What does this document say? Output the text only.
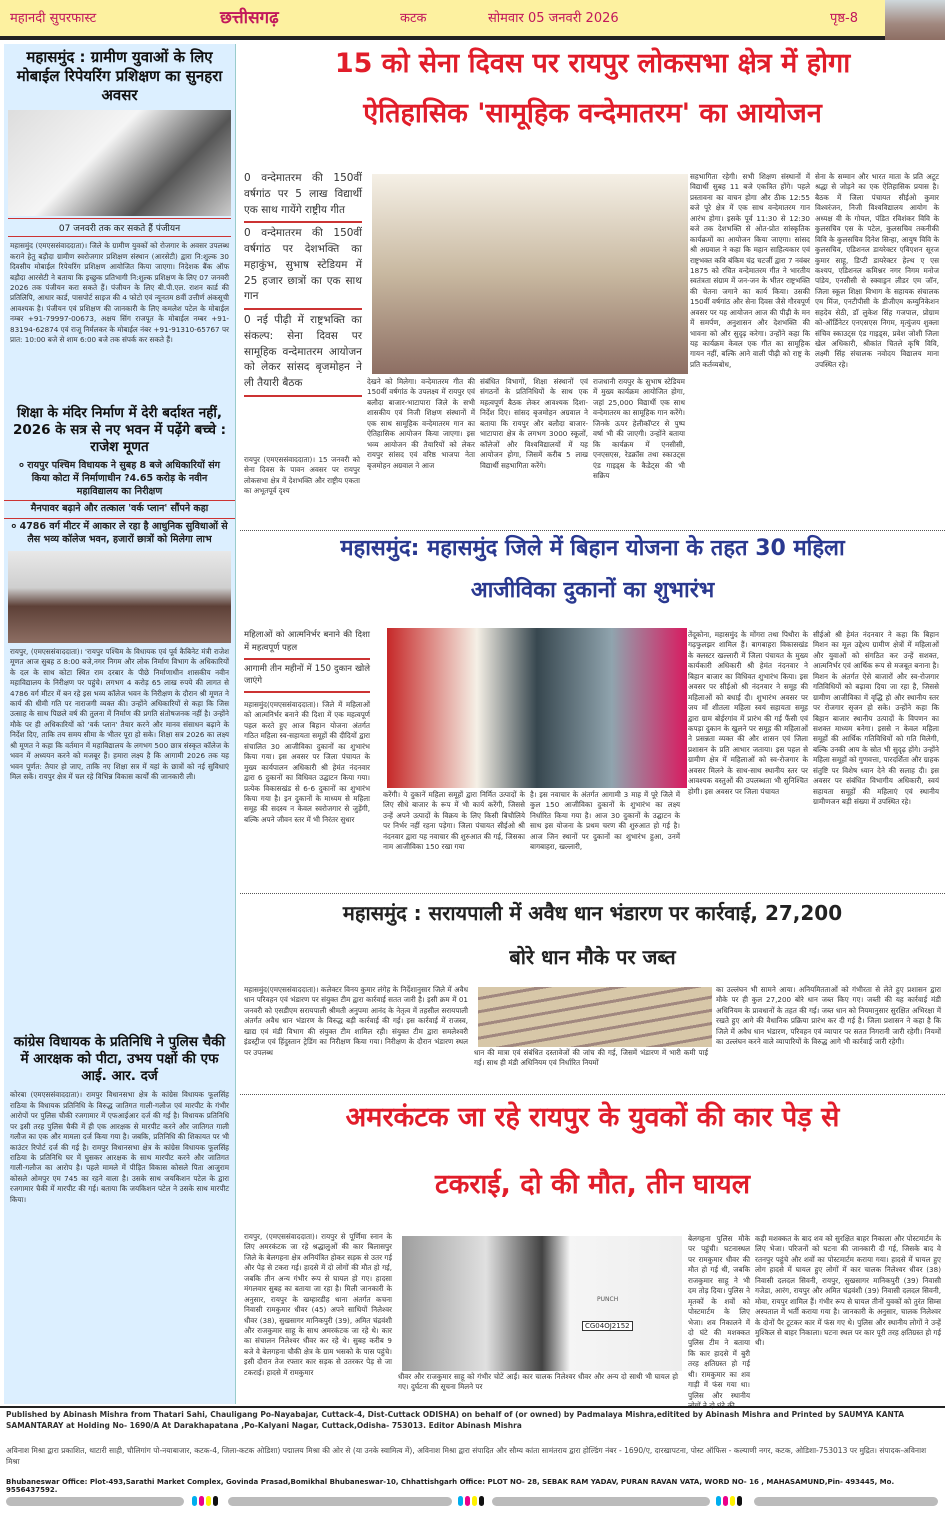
महानदी सुपरफास्ट	छत्तीसगढ़	कटक	सोमवार 05 जनवरी 2026	पृष्ठ-8
महासमुंद : ग्रामीण युवाओं के लिए मोबाईल रिपेयरिंग प्रशिक्षण का सुनहरा अवसर
07 जनवरी तक कर सकते हैं पंजीयन
महासमुंद (एमएससंवाददाता)। जिले के ग्रामीण युवकों को रोजगार के अवसर उपलब्ध कराने हेतु बड़ौदा ग्रामीण स्वरोजगार प्रशिक्षण संस्थान (आरसेटी) द्वारा नि:शुल्क 30 दिवसीय मोबाईल रिपेयरिंग प्रशिक्षण आयोजित किया जाएगा। निदेशक बैंक ऑफ बड़ौदा आरसेटी ने बताया कि इच्छुक प्रतिभागी नि:शुल्क प्रशिक्षण के लिए 07 जनवरी 2026 तक पंजीयन करा सकते हैं। पंजीयन के लिए बी.पी.एल. राशन कार्ड की प्रतिलिपि, आधार कार्ड, पासपोर्ट साइज की 4 फोटो एवं न्यूनतम 8वीं उत्तीर्ण अंकसूची आवश्यक है। पंजीयन एवं प्रशिक्षण की जानकारी के लिए कमलेश पटेल के मोबाईल नम्बर +91-79997-00673, अक्षय सिंग राजपूत के मोबाईल नम्बर +91-83194-62874 एवं राजू निर्मलकर के मोबाईल नंबर +91-91310-65767 पर प्रात: 10:00 बजे से शाम 6:00 बजे तक संपर्क कर सकते हैं।
शिक्षा के मंदिर निर्माण में देरी बर्दाश्त नहीं, 2026 के सत्र से नए भवन में पढ़ेंगे बच्चे : राजेश मूणत
० रायपुर पश्चिम विधायक ने सुबह 8 बजे अधिकारियों संग किया कोटा में निर्माणाधीन ?4.65 करोड़ के नवीन महाविद्यालय का निरीक्षण
मैनपावर बढ़ाने और तत्काल 'वर्क प्लान' सौंपने कहा
० 4786 वर्ग मीटर में आकार ले रहा है आधुनिक सुविधाओं से लैस भव्य कॉलेज भवन, हजारों छात्रों को मिलेगा लाभ
रायपुर, (एमएससंवाददाता)। 'रायपुर पश्चिम के विधायक एवं पूर्व कैबिनेट मंत्री राजेश मूणत आज सुबह ठ 8:00 बजे,नगर निगम और लोक निर्माण विभाग के अधिकारियों के दल के साथ कोटा स्थित राम दरबार के पीछे निर्माणाधीन शासकीय नवीन महाविद्यालय के निरीक्षण पर पहुंचे। लगभग 4 करोड़ 65 लाख रुपये की लागत से 4786 वर्ग मीटर में बन रहे इस भव्य कॉलेज भवन के निरीक्षण के दौरान श्री मूणत ने कार्य की धीमी गति पर नाराजगी व्यक्त की। उन्होंने अधिकारियों से कहा कि जिस उत्साह के साथ पिछले वर्ष की तुलना में निर्माण की प्रगति संतोषजनक नहीं है। उन्होंने मौके पर ही अधिकारियों को 'वर्क प्लान' तैयार करने और मानव संसाधन बढ़ाने के निर्देश दिए, ताकि तय समय सीमा के भीतर पूरा हो सके। शिक्षा सत्र 2026 का लक्ष्य श्री मूणत ने कहा कि वर्तमान में महाविद्यालय के लगभग 500 छात्र संस्कृत कॉलेज के भवन में अध्ययन करने को मजबूर हैं। हमारा लक्ष्य है कि आगामी 2026 तक यह भवन पूर्णत: तैयार हो जाए, ताकि नए शिक्षा सत्र में यहां के छात्रों को नई सुविधाएं मिल सकें। रायपुर क्षेत्र में चल रहे विभिन्न विकास कार्यों की जानकारी ली।
कांग्रेस विधायक के प्रतिनिधि ने पुलिस चैकी में आरक्षक को पीटा, उभय पक्षों की एफ आई. आर. दर्ज
कोरबा (एमएससंवाददाता)। रामपुर विधानसभा क्षेत्र के कांग्रेस विधायक फूलसिंह राठिया के विधायक प्रतिनिधि के विरुद्ध जातिगत गाली-गलौज एवं मारपीट के गंभीर आरोपों पर पुलिस चौकी रजगामार में एफआईआर दर्ज की गई है। विधायक प्रतिनिधि पर इसी तरह पुलिस चैकी में ही एक आरक्षक से मारपीट करने और जातिगत गाली गलौज का एक और मामला दर्ज किया गया है। जबकि, प्रतिनिधि की शिकायत पर भी काउंटर रिपोर्ट दर्ज की गई है। रामपुर विधानसभा क्षेत्र के कांग्रेस विधायक फूलसिंह राठिया के प्रतिनिधि घर में घुसकर आरक्षक के साथ मारपीट करने और जातिगत गाली-गलौज का आरोप है। पहले मामले में पीड़ित विकास कोसले पिता आजुराम कोसले ओमपुर एम 745 का रहने वाला है। उसके साथ जयकिशन पटेल के द्वारा रजगामार चैकी में मारपीट की गई। बताया कि जयकिशन पटेल ने उसके साथ मारपीट किया।
15 को सेना दिवस पर रायपुर लोकसभा क्षेत्र में होगा
ऐतिहासिक 'सामूहिक वन्देमातरम' का आयोजन
0 वन्देमातरम की 150वीं वर्षगांठ पर 5 लाख विद्यार्थी एक साथ गायेंगे राष्ट्रीय गीत
0 वन्देमातरम की 150वीं वर्षगांठ पर देशभक्ति का महाकुंभ, सुभाष स्टेडियम में 25 हजार छात्रों का एक साथ गान
0 नई पीढ़ी में राष्ट्रभक्ति का संकल्प: सेना दिवस पर सामूहिक वन्देमातरम आयोजन को लेकर सांसद बृजमोहन ने ली तैयारी बैठक
रायपुर (एमएससंवाददाता)। 15 जनवरी को सेना दिवस के पावन अवसर पर रायपुर लोकसभा क्षेत्र में देशभक्ति और राष्ट्रीय एकता का अभूतपूर्व दृश्य
देखने को मिलेगा। वन्देमातरम गीत की 150वीं वर्षगांठ के उपलक्ष्य में रायपुर एवं बलौदा बाजार-भाटापारा जिले के सभी शासकीय एवं निजी शिक्षण संस्थानों में एक साथ सामूहिक वन्देमातरम गान का ऐतिहासिक आयोजन किया जाएगा। इस भव्य आयोजन की तैयारियों को लेकर रायपुर सांसद एवं वरिष्ठ भाजपा नेता बृजमोहन अग्रवाल ने आज
संबंधित विभागों, शिक्षा संस्थानों एवं संगठनों के प्रतिनिधियों के साथ एक महत्वपूर्ण बैठक लेकर आवश्यक दिशा-निर्देश दिए। सांसद बृजमोहन अग्रवाल ने बताया कि रायपुर और बलौदा बाजार-भाटापारा क्षेत्र के लगभग 3000 स्कूलों, कॉलेजों और विश्वविद्यालयों में यह आयोजन होगा, जिसमें करीब 5 लाख विद्यार्थी सहभागिता करेंगे।
राजधानी रायपुर के सुभाष स्टेडियम में मुख्य कार्यक्रम आयोजित होगा, जहां 25,000 विद्यार्थी एक साथ वन्देमातरम का सामूहिक गान करेंगे। जिनके ऊपर हेलीकॉप्टर से पुष्प वर्षा भी की जाएगी। उन्होंने बताया कि कार्यक्रम में एनसीसी, एनएसएस, रेडक्रॉस तथा स्काउट्स एंड गाइड्स के कैडेट्स की भी सक्रिय
सहभागिता रहेगी। सभी शिक्षण संस्थानों में विद्यार्थी सुबह 11 बजे एकत्रित होंगे। पहले प्रस्तावना का वाचन होगा और ठीक 12:55 बजे पूरे क्षेत्र में एक साथ वन्देमातरम गान आरंभ होगा। इसके पूर्व 11:30 से 12:30 बजे तक देशभक्ति से ओत-प्रोत सांस्कृतिक कार्यक्रमों का आयोजन किया जाएगा। सांसद श्री अग्रवाल ने कहा कि महान साहित्यकार एवं राष्ट्रभक्त कवि बंकिम चंद्र चटर्जी द्वारा 7 नवंबर 1875 को रचित वन्देमातरम गीत ने भारतीय स्वतंत्रता संग्राम में जन-जन के भीतर राष्ट्रभक्ति की चेतना जगाने का कार्य किया। उसकी 150वीं वर्षगांठ और सेना दिवस जैसे गौरवपूर्ण अवसर पर यह आयोजन आज की पीढ़ी के मन में समर्पण, अनुशासन और देशभक्ति की भावना को और सुदृढ़ करेगा। उन्होंने कहा कि यह कार्यक्रम केवल एक गीत का सामूहिक गायन नहीं, बल्कि आने वाली पीढ़ी को राष्ट्र के प्रति कर्तव्यबोध,
सेना के सम्मान और भारत माता के प्रति अटूट श्रद्धा से जोड़ने का एक ऐतिहासिक प्रयास है। बैठक में जिला पंचायत सीईओ कुमार विश्वरंजन, निजी विश्वविद्यालय आयोग के अध्यक्ष वी के गोयल, पंडित रविशंकर विवि के कुलसचिव एस के पटेल, कुलसचिव तकनीकी विवि के कुलसचिव दिनेश सिन्हा, आयुष विवि के कुलसचिव, एडिशनल डायरेक्टर एविएशन सूरज कुमार साहू, डिप्टी डायरेक्टर हेल्थ ए एस कश्यप, एडिशनल कमिश्नर नगर निगम मनोज पांडेय, एनसीसी से स्क्वाड्रन लीडर एम जॉन, जिला स्कूल शिक्षा विभाग के सहायक संचालक एम मिंज, एनटीपीसी के डीजीएम कम्युनिकेशन सहदेव सेठी, डॉ लुकेश सिंह गजपाल, प्रोग्राम को-ऑर्डिनेटर एनएसएस निगम, मृत्युंजय शुक्ला संचिव स्काउट्स एंड गाइड्स, प्रवेश जोशी जिला खेल अधिकारी, श्रीकांत चितले कृषि विवि, लक्ष्मी सिंह संचालक नवोदय विद्यालय माना उपस्थित रहे।
महासमुंद: महासमुंद जिले में बिहान योजना के तहत 30 महिला
आजीविका दुकानों का शुभारंभ
महिलाओं को आत्मनिर्भर बनाने की दिशा में महत्वपूर्ण पहल
आगामी तीन महीनों में 150 दुकान खोले जाएंगे
महासमुंद(एमएससंवाददाता)। जिले में महिलाओं को आत्मनिर्भर बनाने की दिशा में एक महत्वपूर्ण पहल करते हुए आज बिहान योजना अंतर्गत गठित महिला स्व-सहायता समूहों की दीदियों द्वारा संचालित 30 आजीविका दुकानों का शुभारंभ किया गया। इस अवसर पर जिला पंचायत के मुख्य कार्यपालन अधिकारी श्री हेमंत नंदनवार द्वारा 6 दुकानों का विधिवत उद्घाटन किया गया। प्रत्येक विकासखंड से 6-6 दुकानों का शुभारंभ किया गया है। इन दुकानों के माध्यम से महिला समूह की सदस्य न केवल स्वरोजगार से जुड़ेंगी, बल्कि अपने जीवन स्तर में भी निरंतर सुधार
करेंगी। ये दुकानें महिला समूहों द्वारा निर्मित उत्पादों के लिए सीधे बाजार के रूप में भी कार्य करेंगी, जिससे उन्हें अपने उत्पादों के विक्रय के लिए किसी बिचौलिये पर निर्भर नहीं रहना पड़ेगा। जिला पंचायत सीईओ श्री नंदनवार द्वारा यह नवाचार की शुरुआत की गई, जिसका नाम आजीविका 150 रखा गया
है। इस नवाचार के अंतर्गत आगामी 3 माह में पूरे जिले में कुल 150 आजीविका दुकानों के शुभारंभ का लक्ष्य निर्धारित किया गया है। आज 30 दुकानों के उद्घाटन के साथ इस योजना के प्रथम चरण की शुरुआत हो गई है। आज जिन स्थानों पर दुकानों का शुभारंभ हुआ, उनमें बागबाहरा, खल्लारी,
तेंदूकोना, महासमुंद के मोंगरा तथा पिथौरा के गढ़फुलझर शामिल हैं। बागबाहरा विकासखंड के क्लस्टर खल्लारी में जिला पंचायत के मुख्य कार्यकारी अधिकारी श्री हेमंत नंदनवार ने बिहान बाजार का विधिवत शुभारंभ किया। इस अवसर पर सीईओ श्री नंदनवार ने समूह की महिलाओं को बधाई दी। शुभारंभ अवसर पर जय माँ शीतला महिला स्वयं सहायता समूह द्वारा ग्राम बोईरगांव में प्रारंभ की गई फैंसी एवं कपड़ा दुकान के खुलने पर समूह की महिलाओं ने प्रसन्नता व्यक्त की और शासन एवं जिला प्रशासन के प्रति आभार जताया। इस पहल से ग्रामीण क्षेत्र में महिलाओं को स्व-रोजगार के अवसर मिलने के साथ-साथ स्थानीय स्तर पर आवश्यक वस्तुओं की उपलब्धता भी सुनिश्चित होगी। इस अवसर पर जिला पंचायत
सीईओ श्री हेमंत नंदनवार ने कहा कि बिहान मिशन का मूल उद्देश्य ग्रामीण क्षेत्रों में महिलाओं और युवाओं को संगठित कर उन्हें सशक्त, आत्मनिर्भर एवं आर्थिक रूप से मजबूत बनाना है। मिशन के अंतर्गत ऐसे बाजारों और स्व-रोजगार गतिविधियों को बढ़ावा दिया जा रहा है, जिससे ग्रामीण आजीविका में वृद्धि हो और स्थानीय स्तर पर रोजगार सृजन हो सके। उन्होंने कहा कि बिहान बाजार स्थानीय उत्पादों के विपणन का सशक्त माध्यम बनेगा। इससे न केवल महिला समूहों की आर्थिक गतिविधियों को गति मिलेगी, बल्कि उनकी आय के स्रोत भी सुदृढ़ होंगे। उन्होंने महिला समूहों को गुणवत्ता, पारदर्शिता और ग्राहक संतुष्टि पर विशेष ध्यान देने की सलाह दी। इस अवसर पर संबंधित विभागीय अधिकारी, स्वयं सहायता समूहों की महिलाएं एवं स्थानीय ग्रामीणजन बड़ी संख्या में उपस्थित रहे।
महासमुंद : सरायपाली में अवैध धान भंडारण पर कार्रवाई, 27,200
बोरे धान मौके पर जब्त
महासमुंद(एमएससंवाददाता)। कलेक्टर विनय कुमार लंगेह के निर्देशानुसार जिले में अवैध धान परिवहन एवं भंडारण पर संयुक्त टीम द्वारा कार्रवाई सतत जारी है। इसी क्रम में 01 जनवरी को एसडीएम सरायपाली श्रीमती अनुपमा आनंद के नेतृत्व में तहसील सरायपाली अंतर्गत अवैध धान भंडारण के विरुद्ध बड़ी कार्रवाई की गई। इस कार्रवाई में राजस्व, खाद्य एवं मंडी विभाग की संयुक्त टीम शामिल रही। संयुक्त टीम द्वारा समलेश्वरी इंडस्ट्रीज एवं हिंदुस्तान ट्रेडिंग का निरीक्षण किया गया। निरीक्षण के दौरान भंडारण स्थल पर उपलब्ध	धान की मात्रा एवं संबंधित दस्तावेजों की जांच की गई, जिसमें भंडारण में भारी कमी पाई गई। साथ ही मंडी अधिनियम एवं निर्धारित नियमों
का उल्लंघन भी सामने आया। अनियमितताओं को गंभीरता से लेते हुए प्रशासन द्वारा मौके पर ही कुल 27,200 बोरे धान जब्त किए गए। जब्ती की यह कार्रवाई मंडी अधिनियम के प्रावधानों के तहत की गई। जब्त धान को नियमानुसार सुरक्षित अभिरक्षा में रखते हुए आगे की वैधानिक प्रक्रिया प्रारंभ कर दी गई है। जिला प्रशासन ने कहा है कि जिले में अवैध धान भंडारण, परिवहन एवं व्यापार पर सतत निगरानी जारी रहेगी। नियमों का उल्लंघन करने वाले व्यापारियों के विरुद्ध आगे भी कार्रवाई जारी रहेगी।
अमरकंटक जा रहे रायपुर के युवकों की कार पेड़ से
टकराई, दो की मौत, तीन घायल
रायपुर, (एमएससंवाददाता)। रायपुर से पूर्णिमा स्नान के लिए अमरकंटक जा रहे श्रद्धालुओं की कार बिलासपुर जिले के बेलगहना क्षेत्र अनियंत्रित होकर सड़क से उतर गई और पेड़ से टकरा गई। हादसे में दो लोगों की मौत हो गई, जबकि तीन अन्य गंभीर रूप से घायल हो गए। हादसा मंगलवार सुबह का बताया जा रहा है। मिली जानकारी के अनुसार, रायपुर के खम्हारडीह थाना अंतर्गत कचना निवासी रामकुमार धीवर (45) अपने साथियों निलेश्वर धीवर (38), सुखसागर मानिकपुरी (39), अमित चंद्रवंशी और राजकुमार साहू के साथ अमरकंटक जा रहे थे। कार का संचालन निलेश्वर धीवर कर रहे थे। सुबह करीब 9 बजे वे बेलगहना चौकी क्षेत्र के ग्राम भसको के पास पहुंचे। इसी दौरान तेज रफ्तार कार सड़क से उतरकर पेड़ से जा टकराई। हादसे में रामकुमार
PUNCH
CG04OJ2152
धीवर और राजकुमार साहू को गंभीर चोटें आईं। कार चालक निलेश्वर धीवर और अन्य दो साथी भी घायल हो गए। दुर्घटना की सूचना मिलने पर
बेलगहना पुलिस मौके पर पहुंची। घटनास्थल पर रामकुमार धीवर की मौत हो गई थी, जबकि राजकुमार साहू ने भी दम तोड़ दिया। पुलिस ने मृतकों के शवों को पोस्टमार्टम के लिए भेजा। शव निकालने में दो घंटे की मशक्कत पुलिस टीम ने बताया कि कार हादसे में बुरी तरह क्षतिग्रस्त हो गई थी। रामकुमार का शव गाड़ी में फंस गया था। पुलिस और स्थानीय लोगों ने दो घंटे की
कड़ी मशक्कत के बाद शव को सुरक्षित बाहर निकाला और पोस्टमार्टम के लिए भेजा। परिजनों को घटना की जानकारी दी गई, जिसके बाद वे रतनपुर पहुंचे और शवों का पोस्टमार्टम कराया गया। हादसे में घायल हुए लोग हादसे में घायल हुए लोगों में कार चालक निलेश्वर धीवर (38) निवासी दलदल सिवनी, रायपुर, सुखसागर मानिकपुरी (39) निवासी गजेडा, आरंग, रायपुर और अमित चंद्रवंशी (39) निवासी दलदल सिवनी, मोवा, रायपुर शामिल हैं। गंभीर रूप से घायल तीनों युवकों को तुरंत सिम्स अस्पताल में भर्ती कराया गया है। जानकारी के अनुसार, चालक निलेश्वर के दोनों पैर टूटकर कार में फंस गए थे। पुलिस और स्थानीय लोगों ने उन्हें मुश्किल से बाहर निकाला। घटना स्थल पर कार पूरी तरह क्षतिग्रस्त हो गई थी।
Published by Abinash Mishra from Thatari Sahi, Chauligang Po-Nayabajar, Cuttack-4, Dist-Cuttack ODISHA) on behalf of (or owned) by Padmalaya Mishra,editited by Abinash Mishra and Printed by SAUMYA KANTA SAMANTARAY at Holding No- 1690/A At Darakhapatana ,Po-Kalyani Nagar, Cuttack,Odisha- 753013. Editor Abinash Mishra
अविनाश मिश्रा द्वारा प्रकाशित, थाटारी साही, चौलिगांग पो-नयाबाजार, कटक-4, जिला-कटक ओडिशा) पद्मालय मिश्रा की ओर से (या उनके स्वामित्व में), अविनाश मिश्रा द्वारा संपादित और सौम्य कांता सामंतराय द्वारा होल्डिंग नंबर - 1690/ए, दारखापटना, पोस्ट ऑफिस - कल्याणी नगर, कटक, ओडिशा-753013 पर मुद्रित। संपादक-अविनाश मिश्रा
Bhubaneswar Office: Plot-493,Sarathi Market Complex, Govinda Prasad,Bomikhal Bhubaneswar-10, Chhattishgarh Office: PLOT NO- 28, SEBAK RAM YADAV, PURAN RAVAN VATA, WORD NO- 16 , MAHASAMUND,Pin- 493445, Mo. 9556437592.
